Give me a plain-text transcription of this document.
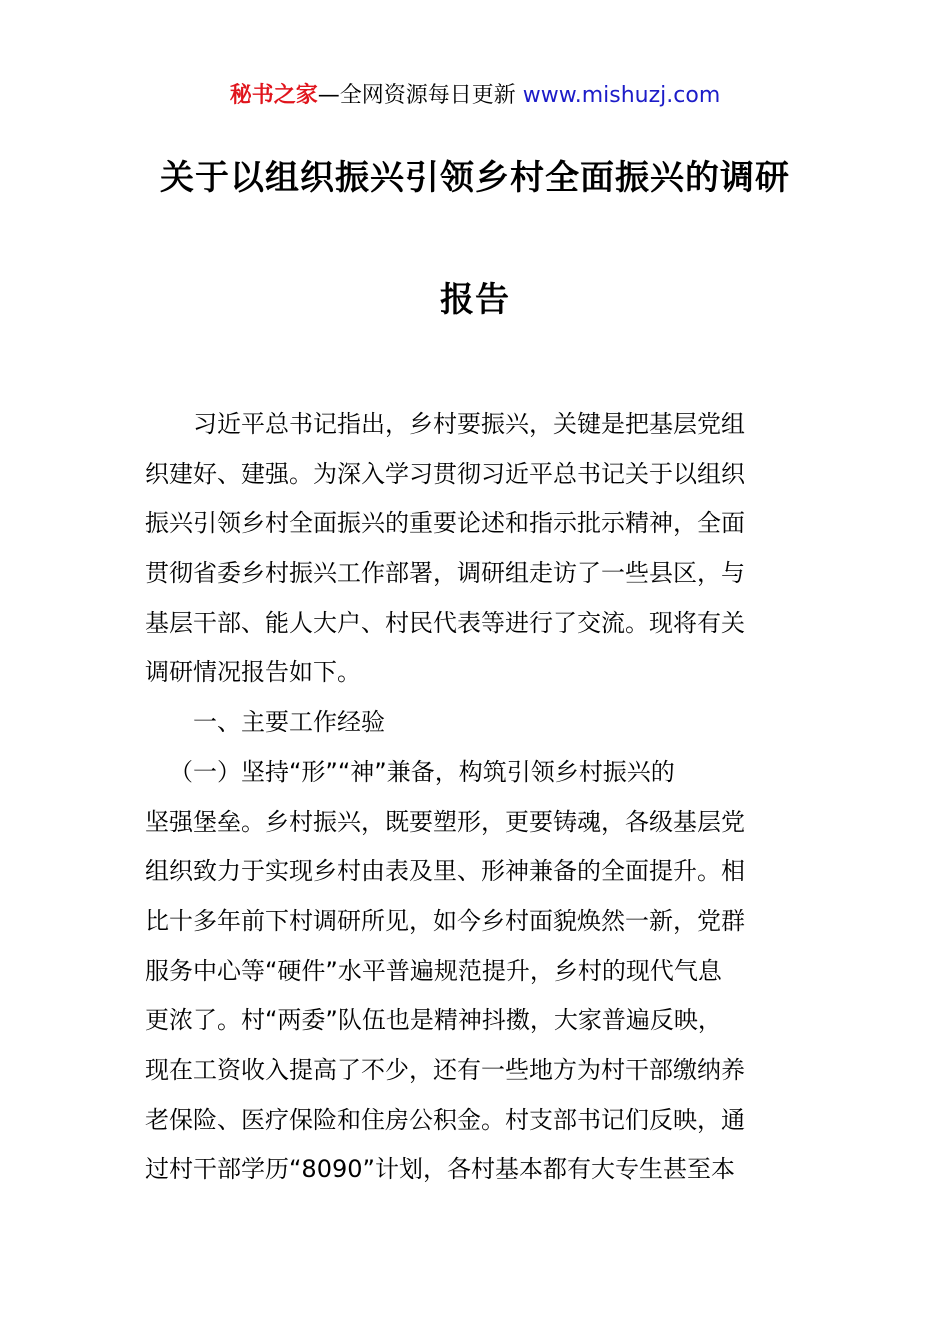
秘书之家—全网资源每日更新 www.mishuzj.com
关于以组织振兴引领乡村全面振兴的调研
报告
习近平总书记指出，乡村要振兴，关键是把基层党组
织建好、建强。为深入学习贯彻习近平总书记关于以组织
振兴引领乡村全面振兴的重要论述和指示批示精神，全面
贯彻省委乡村振兴工作部署，调研组走访了一些县区，与
基层干部、能人大户、村民代表等进行了交流。现将有关
调研情况报告如下。
一、主要工作经验
（一）坚持“形”“神”兼备，构筑引领乡村振兴的
坚强堡垒。乡村振兴，既要塑形，更要铸魂，各级基层党
组织致力于实现乡村由表及里、形神兼备的全面提升。相
比十多年前下村调研所见，如今乡村面貌焕然一新，党群
服务中心等“硬件”水平普遍规范提升，乡村的现代气息
更浓了。村“两委”队伍也是精神抖擞，大家普遍反映，
现在工资收入提高了不少，还有一些地方为村干部缴纳养
老保险、医疗保险和住房公积金。村支部书记们反映，通
过村干部学历“8090”计划，各村基本都有大专生甚至本
